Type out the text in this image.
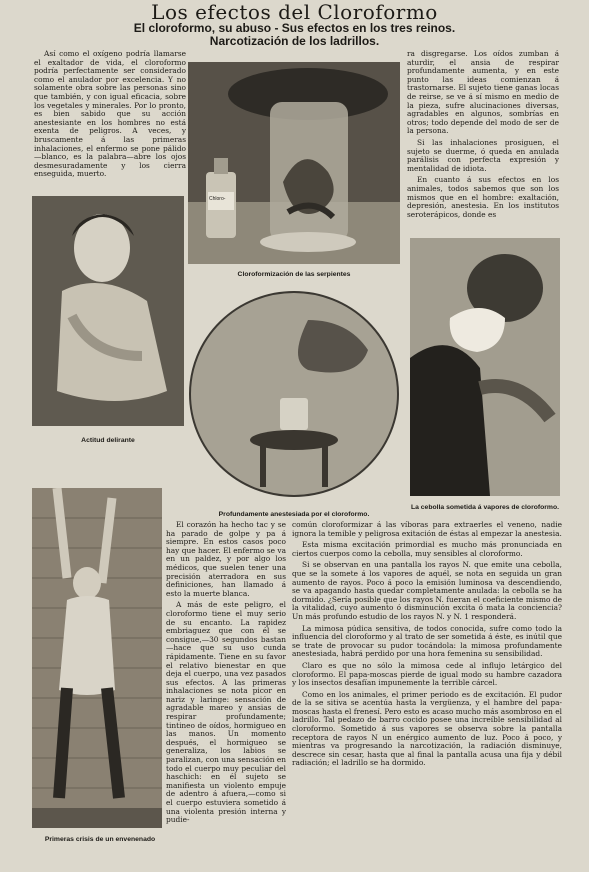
Los efectos del Cloroformo
El cloroformo, su abuso - Sus efectos en los tres reinos.
Narcotización de los ladrillos.

Así como el oxígeno podría llamarse el exaltador de vida, el cloroformo podría perfectamente ser considerado como el anulador por excelencia. Y no solamente obra sobre las personas sino que también, y con igual eficacia, sobre los vegetales y minerales. Por lo pronto, es bien sabido que su acción anestesiante en los hombres no está exenta de peligros. A veces, y bruscamente á las primeras inhalaciones, el enfermo se pone pálido—blanco, es la palabra—abre los ojos desmesuradamente y los cierra enseguida, muerto.

ra disgregarse. Los oídos zumban á aturdir, el ansia de respirar profundamente aumenta, y en este punto las ideas comienzan á trastornarse. El sujeto tiene ganas locas de reirse, se ve á sí mismo en medio de la pieza, sufre alucinaciones diversas, agradables en algunos, sombrías en otros; todo depende del modo de ser de la persona.

Si las inhalaciones prosiguen, el sujeto se duerme, ó queda en anulada parálisis con perfecta expresión y mentalidad de idiota.

En cuanto á sus efectos en los animales, todos sabemos que son los mismos que en el hombre: exaltación, depresión, anestesia. En los institutos seroterápicos, donde es

Chloro-
Cloroformización de las serpientes
Actitud delirante
Profundamente anestesiada por el cloroformo.
La cebolla sometida á vapores de cloroformo.
Primeras crisis de un envenenado

El corazón ha hecho tac y se ha parado de golpe y pa á siempre. En estos casos poco hay que hacer. El enfermo se va en un paldez, y por algo los médicos, que suelen tener una precisión aterradora en sus definiciones, han llamado á esto la muerte blanca.

A más de este peligro, el cloroformo tiene el muy serio de su encanto. La rapidez embriaguez que con él se consigue,—30 segundos bastan—hace que su uso cunda rápidamente. Tiene en su favor el relativo bienestar en que deja el cuerpo, una vez pasados sus efectos. A las primeras inhalaciones se nota picor en nariz y laringe: sensación de agradable mareo y ansias de respirar profundamente; tintineo de oídos, hormigueo en las manos. Un momento después, el hormigueo se generaliza, los labios se paralizan, con una sensación en todo el cuerpo muy peculiar del haschich: en él sujeto se manifiesta un violento empuje de adentro á afuera,—como si el cuerpo estuviera sometido á una violenta presión interna y pudie-

común cloroformizar á las víboras para extraerles el veneno, nadie ignora la temible y peligrosa exitación de éstas al empezar la anestesia.

Esta misma excitación primordial es mucho más pronunciada en ciertos cuerpos como la cebolla, muy sensibles al cloroformo.

Si se observan en una pantalla los rayos N. que emite una cebolla, que se la somete á los vapores de aquél, se nota en seguida un gran aumento de rayos. Poco á poco la emisión luminosa va descendiendo, se va apagando hasta quedar completamente anulada: la cebolla se ha dormido. ¿Sería posible que los rayos N. fueran el coeficiente mismo de la vitalidad, cuyo aumento ó disminución excita ó mata la conciencia? Un más profundo estudio de los rayos N. y N. 1 responderá.

La mimosa púdica sensitiva, de todos conocida, sufre como todo la influencia del cloroformo y al trato de ser sometida á éste, es inútil que se trate de provocar su pudor tocándola: la mimosa profundamente anestesiada, habrá perdido por una hora femenina su sensibilidad.

Claro es que no sólo la mimosa cede al influjo letárgico del cloroformo. El papa-moscas pierde de igual modo su hambre cazadora y los insectos desafían impunemente la terrible cárcel.

Como en los animales, el primer periodo es de excitación. El pudor de la se sitiva se acentúa hasta la vergüenza, y el hambre del papa-moscas hasta el frenesí. Pero esto es acaso mucho más asombroso en el ladrillo. Tal pedazo de barro cocido posee una increíble sensibilidad al cloroformo. Sometido á sus vapores se observa sobre la pantalla receptora de rayos N un enérgico aumento de luz. Poco á poco, y mientras va progresando la narcotización, la radiación disminuye, descrece sin cesar, hasta que al final la pantalla acusa una fija y débil radiación; el ladrillo se ha dormido.
